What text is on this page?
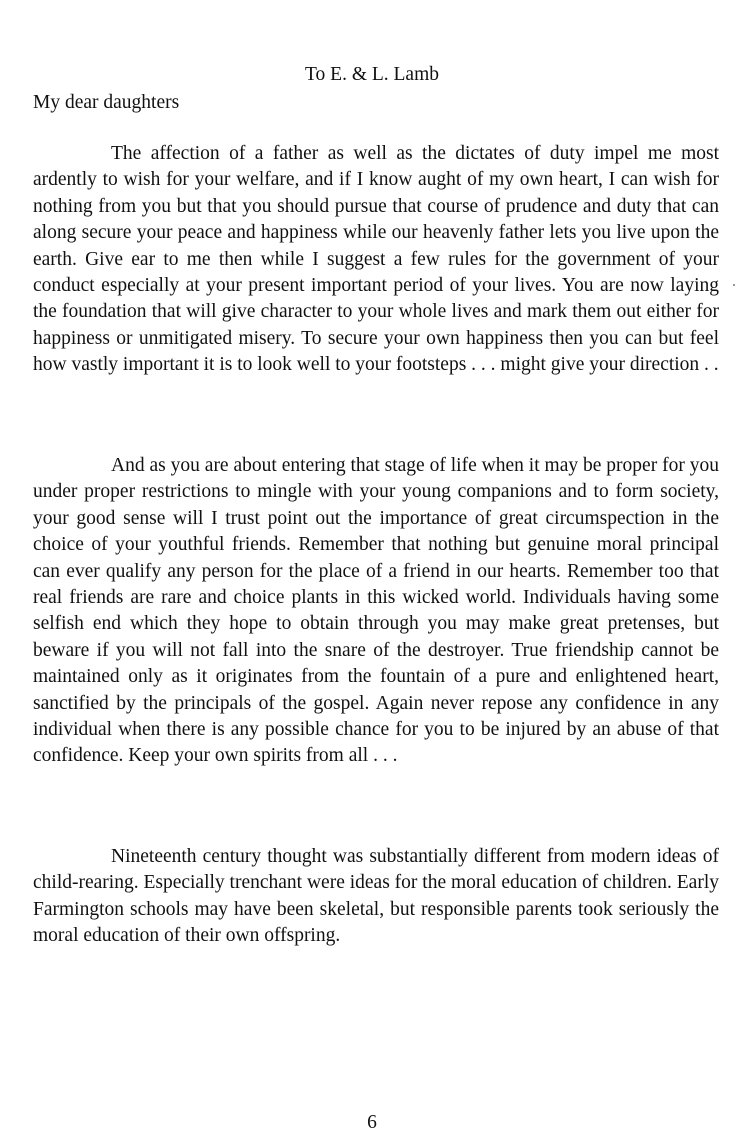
To E. & L. Lamb
My dear daughters

The affection of a father as well as the dictates of duty impel me most ardently to wish for your welfare, and if I know aught of my own heart, I can wish for nothing from you but that you should pursue that course of prudence and duty that can along secure your peace and happiness while our heavenly father lets you live upon the earth. Give ear to me then while I suggest a few rules for the government of your conduct especially at your present important period of your lives. You are now laying the foundation that will give character to your whole lives and mark them out either for happiness or unmitigated misery. To secure your own happiness then you can but feel how vastly important it is to look well to your footsteps . . . might give your direction . .

And as you are about entering that stage of life when it may be proper for you under proper restrictions to mingle with your young companions and to form society, your good sense will I trust point out the importance of great circumspection in the choice of your youthful friends. Remember that nothing but genuine moral principal can ever qualify any person for the place of a friend in our hearts. Remember too that real friends are rare and choice plants in this wicked world. Individuals having some selfish end which they hope to obtain through you may make great pretenses, but beware if you will not fall into the snare of the destroyer. True friendship cannot be maintained only as it originates from the fountain of a pure and enlightened heart, sanctified by the principals of the gospel. Again never repose any confidence in any individual when there is any possible chance for you to be injured by an abuse of that confidence. Keep your own spirits from all . . .

Nineteenth century thought was substantially different from modern ideas of child-rearing. Especially trenchant were ideas for the moral education of children. Early Farmington schools may have been skeletal, but responsible parents took seriously the moral education of their own offspring.

6
